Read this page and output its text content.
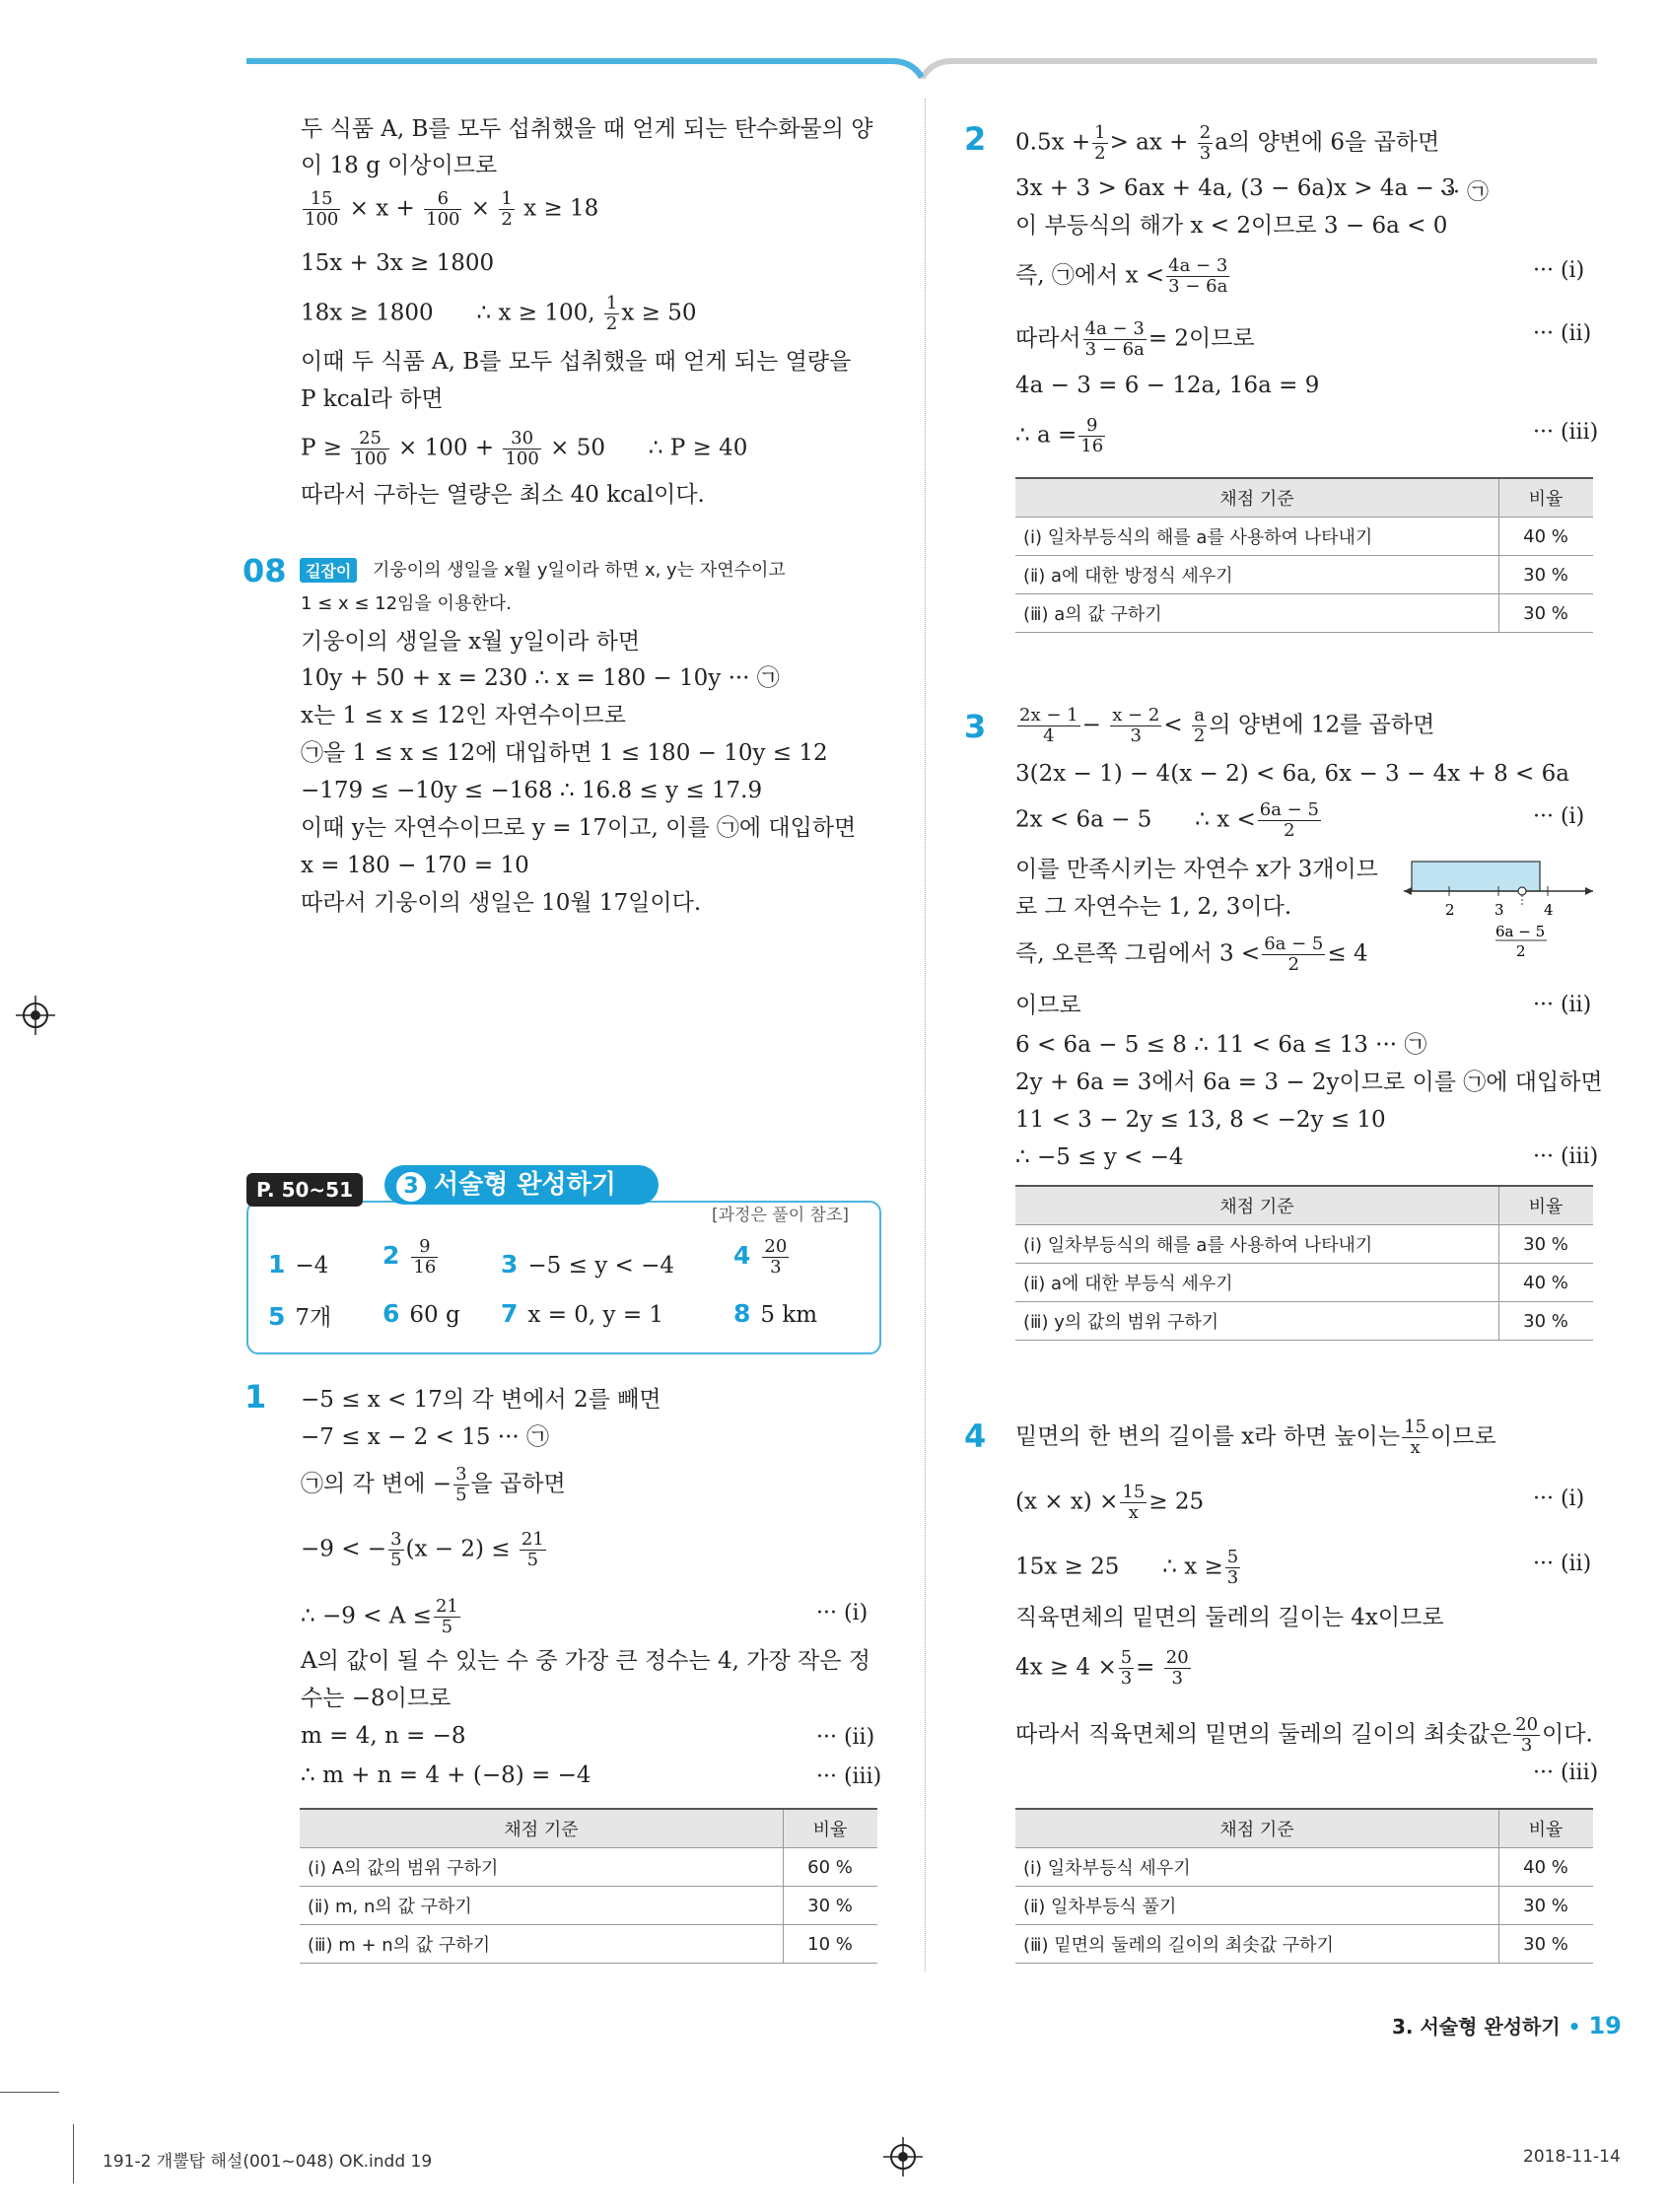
두 식품 A, B를 모두 섭취했을 때 얻게 되는 탄수화물의 양
이 18 g 이상이므로
$\frac{15}{100} \times x + \frac{6}{100} \times \frac{1}{2}$ x ≥ 18
15x + 3x ≥ 1800
18x ≥ 1800 ∴ x ≥ 100, $\frac{1}{2}$ x ≥ 50
이때 두 식품 A, B를 모두 섭취했을 때 얻게 되는 열량을
P kcal라 하면
$P \ge \frac{25}{100} \times 100 + \frac{30}{100} \times 50$ ∴ P ≥ 40
따라서 구하는 열량은 최소 40 kcal이다.
08	길잡이	기웅이의 생일을 x월 y일이라 하면 x, y는 자연수이고
1 ≤ x ≤ 12임을 이용한다.
기웅이의 생일을 x월 y일이라 하면
10y + 50 + x = 230 ∴ x = 180 − 10y ··· ㉠
x는 1 ≤ x ≤ 12인 자연수이므로
㉠을 1 ≤ x ≤ 12에 대입하면 1 ≤ 180 − 10y ≤ 12
−179 ≤ −10y ≤ −168 ∴ 16.8 ≤ y ≤ 17.9
이때 y는 자연수이므로 y = 17이고, 이를 ㉠에 대입하면
x = 180 − 170 = 10
따라서 기웅이의 생일은 10월 17일이다.
P. 50~51	3 서술형 완성하기
[과정은 풀이 참조]
1 −4 $2 \frac{9}{16}$	3 −5 ≤ y < −4 $4 \frac{20}{3}$
5 7개 6 60 g 7 x = 0, y = 1	8 5 km
1 −5 ≤ x < 17의 각 변에서 2를 빼면
−7 ≤ x − 2 < 15 ··· ㉠
㉠의 각 변에 − $\frac{3}{5}$ 을 곱하면
−9 < − $\frac{3}{5} (x - 2) \le \frac{21}{5}$
∴ $-9 < A \le \frac{21}{5}$	··· (ⅰ)
A의 값이 될 수 있는 수 중 가장 큰 정수는 4, 가장 작은 정
수는 −8이므로
m = 4, n = −8	··· (ⅱ)
∴ m + n = 4 + (−8) = −4	··· (ⅲ)
채점 기준	비율
(ⅰ) A의 값의 범위 구하기	60 %
(ⅱ) m, n의 값 구하기	30 %
(ⅲ) m + n의 값 구하기	10 %
2 $0.5x + \frac{1}{2}$ > ax + $\frac{2}{3}$ a의 양변에 6을 곱하면
3x + 3 > 6ax + 4a, (3 − 6a)x > 4a − 3
··· ㉠
이 부등식의 해가 x < 2이므로 3 − 6a < 0
즉, ㉠에서 $x < \frac{4a - 3}{3 - 6a}$	··· (ⅰ)
따라서 $\frac{4a - 3}{3 - 6a} = 2$이므로	··· (ⅱ)
4a − 3 = 6 − 12a, 16a = 9
∴ $a = \frac{9}{16}$	··· (ⅲ)
채점 기준	비율
(ⅰ) 일차부등식의 해를 a를 사용하여 나타내기	40 %
(ⅱ) a에 대한 방정식 세우기	30 %
(ⅲ) a의 값 구하기	30 %
$3 \frac{2x - 1}{4} - \frac{x - 2}{3} < \frac{a}{2}$ 의 양변에 12를 곱하면
3(2x − 1) − 4(x − 2) < 6a, 6x − 3 − 4x + 8 < 6a
2x < 6a − 5 ∴ $x < \frac{6a - 5}{2}$	··· (ⅰ)
이를 만족시키는 자연수 x가 3개이므
로 그 자연수는 1, 2, 3이다.
즉, 오른쪽 그림에서 $3 < \frac{6a - 5}{2} \le 4$
이므로	··· (ⅱ)
6 < 6a − 5 ≤ 8 ∴ 11 < 6a ≤ 13 ··· ㉠
2y + 6a = 3에서 6a = 3 − 2y이므로 이를 ㉠에 대입하면
11 < 3 − 2y ≤ 13, 8 < −2y ≤ 10
∴ −5 ≤ y < −4	··· (ⅲ)
2	3	4
6a − 5
2
채점 기준	비율
(ⅰ) 일차부등식의 해를 a를 사용하여 나타내기	30 %
(ⅱ) a에 대한 부등식 세우기	40 %
(ⅲ) y의 값의 범위 구하기	30 %
4 밑면의 한 변의 길이를 x라 하면 높이는 $\frac{15}{x}$ 이므로
$(x \times x) \times \frac{15}{x} \ge 25$	··· (ⅰ)
15x ≥ 25 ∴ $x \ge \frac{5}{3}$	··· (ⅱ)
직육면체의 밑면의 둘레의 길이는 4x이므로
$4x \ge 4 \times \frac{5}{3} = \frac{20}{3}$
따라서 직육면체의 밑면의 둘레의 길이의 최솟값은 $\frac{20}{3}$ 이다.
··· (ⅲ)
채점 기준	비율
(ⅰ) 일차부등식 세우기	40 %
(ⅱ) 일차부등식 풀기	30 %
(ⅲ) 밑면의 둘레의 길이의 최솟값 구하기	30 %
3. 서술형 완성하기 • 19
191-2 개뿔탑 해설(001~048) OK.indd 19	2018-11-14
